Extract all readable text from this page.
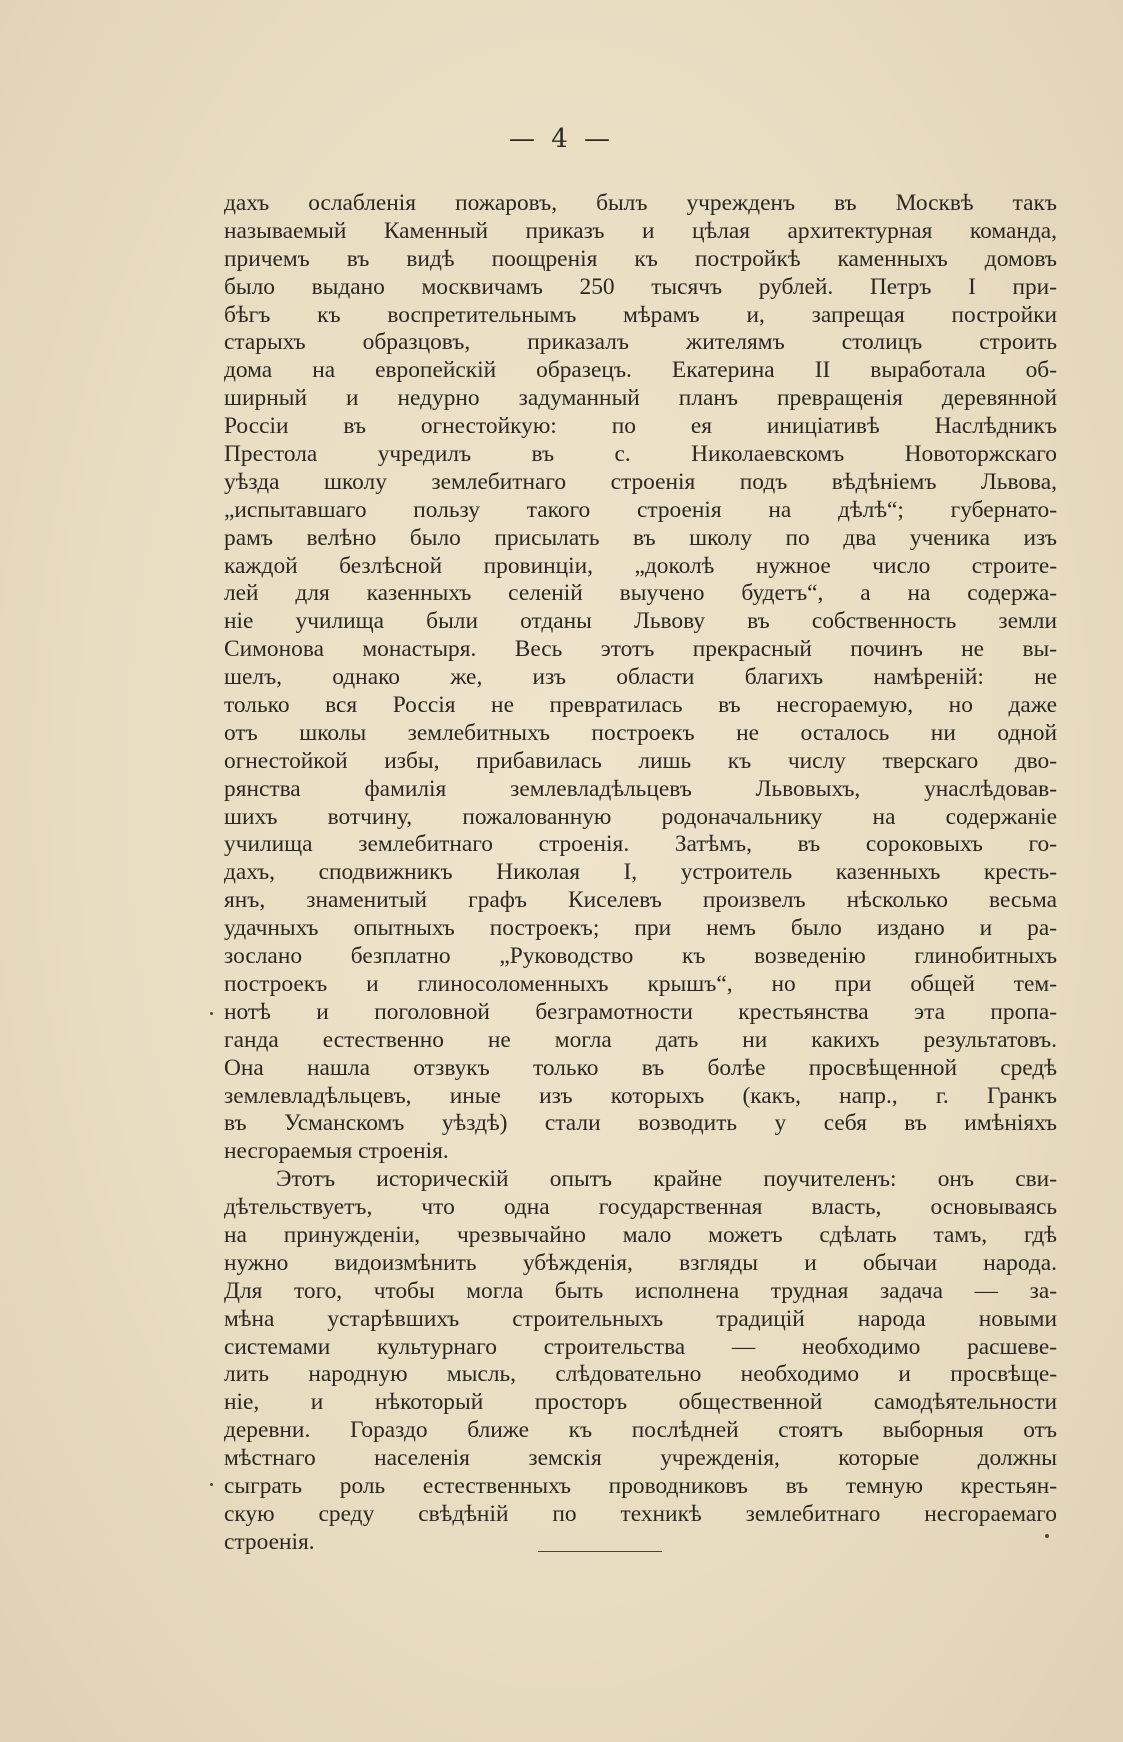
— 4 —
дахъ ослабленія пожаровъ, былъ учрежденъ въ Москвѣ такъ
называемый Каменный приказъ и цѣлая архитектурная команда,
причемъ въ видѣ поощренія къ постройкѣ каменныхъ домовъ
было выдано москвичамъ 250 тысячъ рублей. Петръ I при-
бѣгъ къ воспретительнымъ мѣрамъ и, запрещая постройки
старыхъ образцовъ, приказалъ жителямъ столицъ строить
дома на европейскій образецъ. Екатерина II выработала об-
ширный и недурно задуманный планъ превращенія деревянной
Россіи въ огнестойкую: по ея иниціативѣ Наслѣдникъ
Престола учредилъ въ с. Николаевскомъ Новоторжскаго
уѣзда школу землебитнаго строенія подъ вѣдѣніемъ Львова,
„испытавшаго пользу такого строенія на дѣлѣ“; губернато-
рамъ велѣно было присылать въ школу по два ученика изъ
каждой безлѣсной провинціи, „доколѣ нужное число строите-
лей для казенныхъ селеній выучено будетъ“, а на содержа-
ніе училища были отданы Львову въ собственность земли
Симонова монастыря. Весь этотъ прекрасный починъ не вы-
шелъ, однако же, изъ области благихъ намѣреній: не
только вся Россія не превратилась въ несгораемую, но даже
отъ школы землебитныхъ построекъ не осталось ни одной
огнестойкой избы, прибавилась лишь къ числу тверскаго дво-
рянства фамилія землевладѣльцевъ Львовыхъ, унаслѣдовав-
шихъ вотчину, пожалованную родоначальнику на содержаніе
училища землебитнаго строенія. Затѣмъ, въ сороковыхъ го-
дахъ, сподвижникъ Николая I, устроитель казенныхъ кресть-
янъ, знаменитый графъ Киселевъ произвелъ нѣсколько весьма
удачныхъ опытныхъ построекъ; при немъ было издано и ра-
зослано безплатно „Руководство къ возведенію глинобитныхъ
построекъ и глиносоломенныхъ крышъ“, но при общей тем-
нотѣ и поголовной безграмотности крестьянства эта пропа-
ганда естественно не могла дать ни какихъ результатовъ.
Она нашла отзвукъ только въ болѣе просвѣщенной средѣ
землевладѣльцевъ, иные изъ которыхъ (какъ, напр., г. Гранкъ
въ Усманскомъ уѣздѣ) стали возводить у себя въ имѣніяхъ
несгораемыя строенія.
Этотъ историческій опытъ крайне поучителенъ: онъ сви-
дѣтельствуетъ, что одна государственная власть, основываясь
на принужденіи, чрезвычайно мало можетъ сдѣлать тамъ, гдѣ
нужно видоизмѣнить убѣжденія, взгляды и обычаи народа.
Для того, чтобы могла быть исполнена трудная задача — за-
мѣна устарѣвшихъ строительныхъ традицій народа новыми
системами культурнаго строительства — необходимо расшеве-
лить народную мысль, слѣдовательно необходимо и просвѣще-
ніе, и нѣкоторый просторъ общественной самодѣятельности
деревни. Гораздо ближе къ послѣдней стоятъ выборныя отъ
мѣстнаго населенія земскія учрежденія, которые должны
сыграть роль естественныхъ проводниковъ въ темную крестьян-
скую среду свѣдѣній по техникѣ землебитнаго несгораемаго
строенія.
